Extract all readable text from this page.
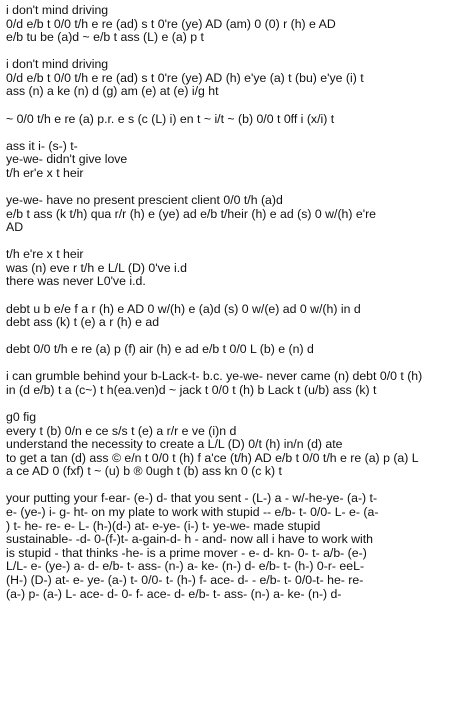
i don't mind driving
0/d e/b t 0/0 t/h e re (ad) s t 0're (ye) AD (am) 0 (0) r (h) e AD
e/b tu be (a)d ~ e/b t ass (L) e (a) p t
i don't mind driving
0/d e/b t 0/0 t/h e re (ad) s t 0're (ye) AD (h) e'ye (a) t (bu) e'ye (i) t
ass (n) a ke (n) d (g) am (e) at (e) i/g ht
~ 0/0 t/h e re (a) p.r. e s (c (L) i) en t ~ i/t ~ (b) 0/0 t 0ff i (x/i) t
ass it i- (s-) t-
ye-we- didn't give love
t/h er'e x t heir
ye-we- have no present prescient client 0/0 t/h (a)d
e/b t ass (k t/h) qua r/r (h) e (ye) ad e/b t/heir (h) e ad (s) 0 w/(h) e're
AD
t/h e're x t heir
was (n) eve r t/h e L/L (D) 0've i.d
there was never L0've i.d.
debt u b e/e f a r (h) e AD 0 w/(h) e (a)d (s) 0 w/(e) ad 0 w/(h) in d
debt ass (k) t (e) a r (h) e ad
debt 0/0 t/h e re (a) p (f) air (h) e ad e/b t 0/0 L (b) e (n) d
i can grumble behind your b-Lack-t- b.c. ye-we- never came (n) debt 0/0 t (h)
in (d e/b) t a (c~) t h(ea.ven)d ~ jack t 0/0 t (h) b Lack t (u/b) ass (k) t
g0 fig
every t (b) 0/n e ce s/s t (e) a r/r e ve (i)n d
understand the necessity to create a L/L (D) 0/t (h) in/n (d) ate
to get a tan (d) ass © e/n t 0/0 t (h) f a'ce (t/h) AD e/b t 0/0 t/h e re (a) p (a) L
a ce AD 0 (fxf) t ~ (u) b ® 0ugh t (b) ass kn 0 (c k) t
your putting your f-ear- (e-) d- that you sent - (L-) a - w/-he-ye- (a-) t-
e- (ye-) i- g- ht- on my plate to work with stupid -- e/b- t- 0/0- L- e- (a-
) t- he- re- e- L- (h-)(d-) at- e-ye- (i-) t- ye-we- made stupid
sustainable- -d- 0-(f-)t- a-gain-d- h - and- now all i have to work with
is stupid - that thinks -he- is a prime mover - e- d- kn- 0- t- a/b- (e-)
L/L- e- (ye-) a- d- e/b- t- ass- (n-) a- ke- (n-) d- e/b- t- (h-) 0-r- eeL-
(H-) (D-) at- e- ye- (a-) t- 0/0- t- (h-) f- ace- d- - e/b- t- 0/0-t- he- re-
(a-) p- (a-) L- ace- d- 0- f- ace- d- e/b- t- ass- (n-) a- ke- (n-) d-
